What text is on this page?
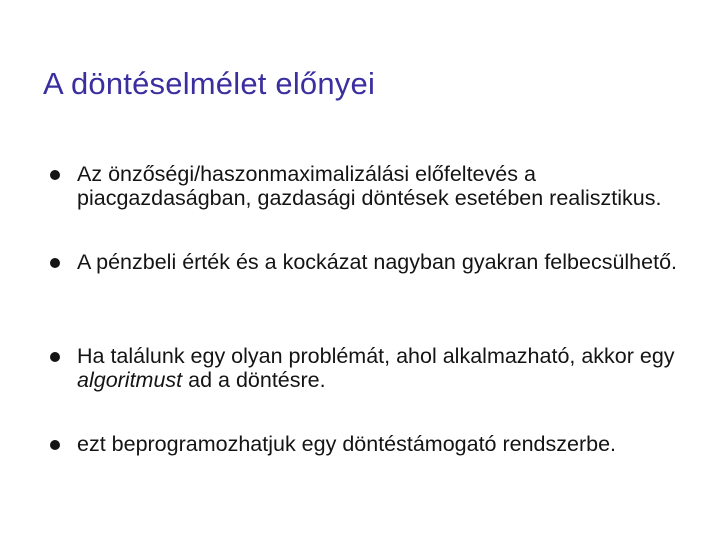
A döntéselmélet előnyei
Az önzőségi/haszonmaximalizálási előfeltevés a piacgazdaságban, gazdasági döntések esetében realisztikus.
A pénzbeli érték és a kockázat nagyban gyakran felbecsülhető.
Ha találunk egy olyan problémát, ahol alkalmazható, akkor egy algoritmust ad a döntésre.
ezt beprogramozhatjuk egy döntéstámogató rendszerbe.
